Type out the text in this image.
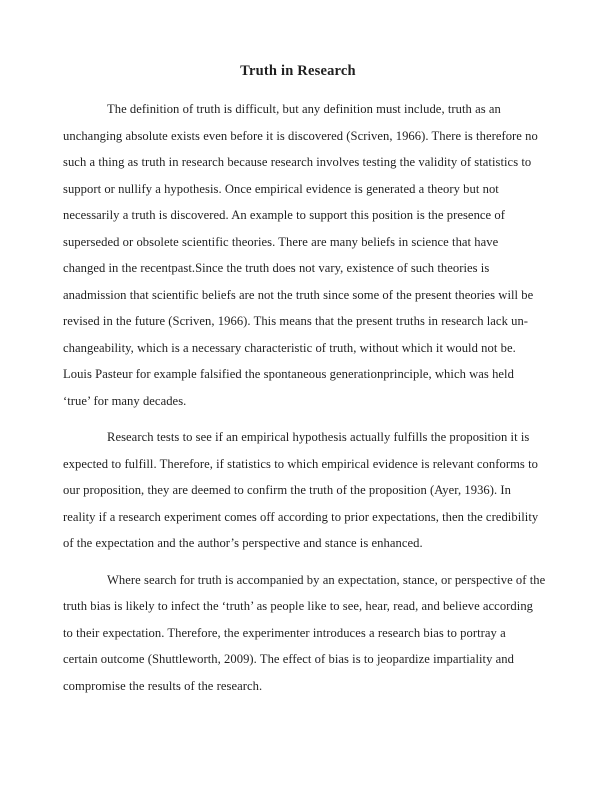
Truth in Research
The definition of truth is difficult, but any definition must include, truth as an
unchanging absolute exists even before it is discovered (Scriven, 1966). There is therefore no
such a thing as truth in research because research involves testing the validity of statistics to
support or nullify a hypothesis. Once empirical evidence is generated a theory but not
necessarily a truth is discovered. An example to support this position is the presence of
superseded or obsolete scientific theories. There are many beliefs in science that have
changed in the recentpast.Since the truth does not vary, existence of such theories is
anadmission that scientific beliefs are not the truth since some of the present theories will be
revised in the future (Scriven, 1966). This means that the present truths in research lack un-
changeability, which is a necessary characteristic of truth, without which it would not be.
Louis Pasteur for example falsified the spontaneous generationprinciple, which was held
‘true’ for many decades.
Research tests to see if an empirical hypothesis actually fulfills the proposition it is
expected to fulfill. Therefore, if statistics to which empirical evidence is relevant conforms to
our proposition, they are deemed to confirm the truth of the proposition (Ayer, 1936). In
reality if a research experiment comes off according to prior expectations, then the credibility
of the expectation and the author’s perspective and stance is enhanced.
Where search for truth is accompanied by an expectation, stance, or perspective of the
truth bias is likely to infect the ‘truth’ as people like to see, hear, read, and believe according
to their expectation. Therefore, the experimenter introduces a research bias to portray a
certain outcome (Shuttleworth, 2009). The effect of bias is to jeopardize impartiality and
compromise the results of the research.
